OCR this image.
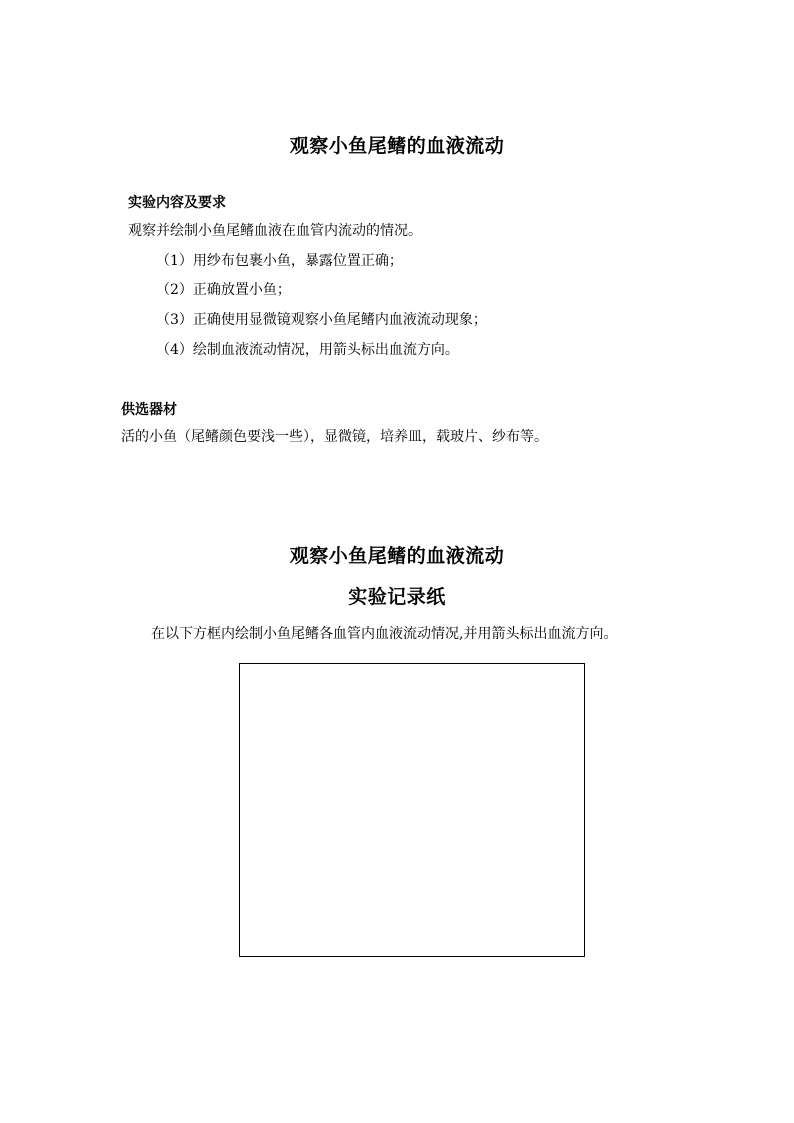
观察小鱼尾鳍的血液流动
实验内容及要求
观察并绘制小鱼尾鳍血液在血管内流动的情况。
（1）用纱布包裹小鱼，暴露位置正确；
（2）正确放置小鱼；
（3）正确使用显微镜观察小鱼尾鳍内血液流动现象；
（4）绘制血液流动情况，用箭头标出血流方向。
供选器材
活的小鱼（尾鳍颜色要浅一些），显微镜，培养皿，载玻片、纱布等。
观察小鱼尾鳍的血液流动
实验记录纸
在以下方框内绘制小鱼尾鳍各血管内血液流动情况,并用箭头标出血流方向。
